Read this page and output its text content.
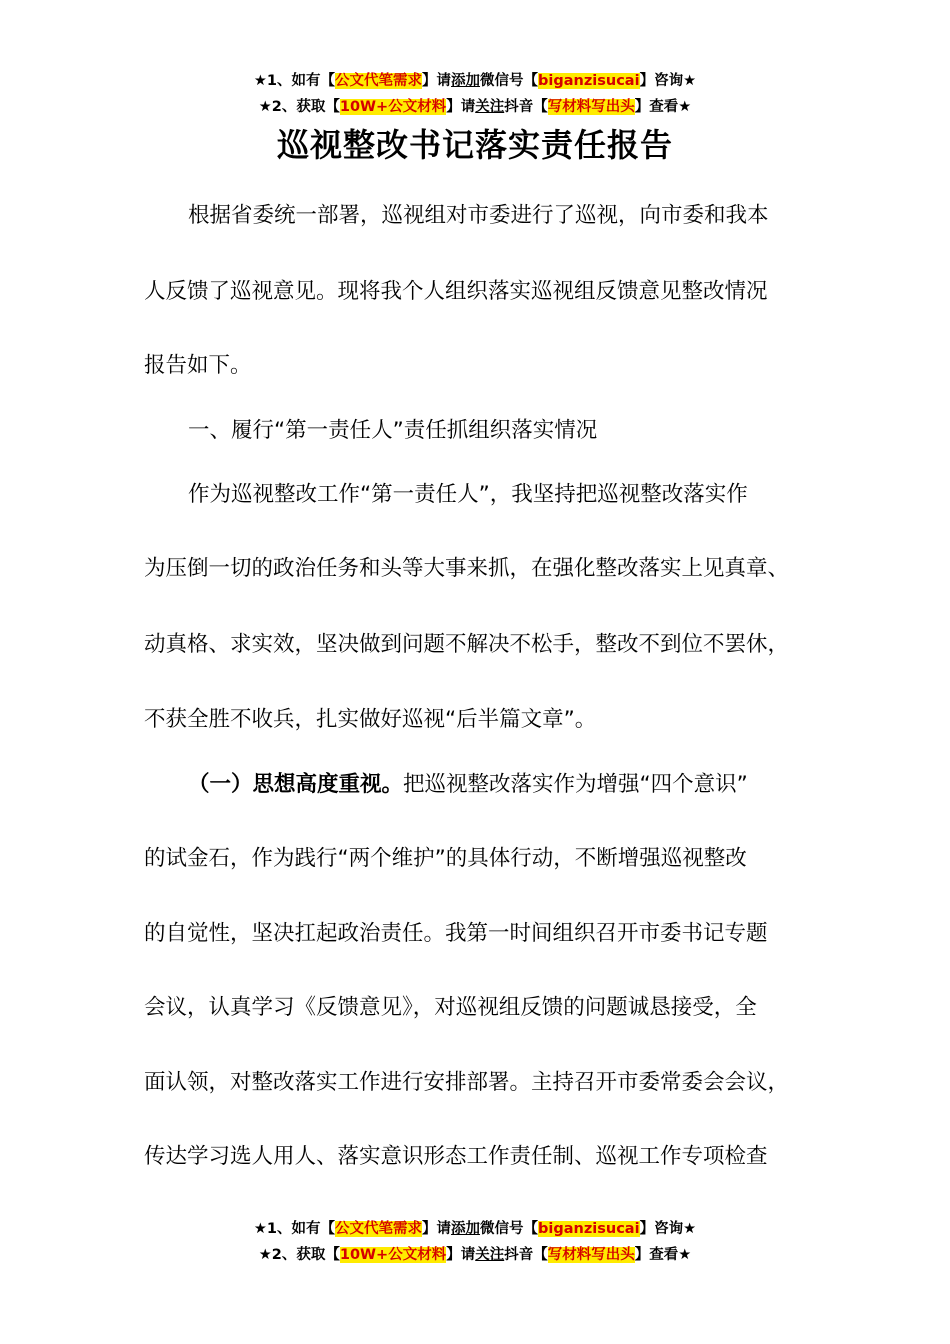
★1、如有【公文代笔需求】请添加微信号【biganzisucai】咨询★
★2、获取【10W+公文材料】请关注抖音【写材料写出头】查看★
巡视整改书记落实责任报告
根据省委统一部署，巡视组对市委进行了巡视，向市委和我本
人反馈了巡视意见。现将我个人组织落实巡视组反馈意见整改情况
报告如下。
一、履行“第一责任人”责任抓组织落实情况
作为巡视整改工作“第一责任人”，我坚持把巡视整改落实作
为压倒一切的政治任务和头等大事来抓，在强化整改落实上见真章、
动真格、求实效，坚决做到问题不解决不松手，整改不到位不罢休，
不获全胜不收兵，扎实做好巡视“后半篇文章”。
（一）思想高度重视。把巡视整改落实作为增强“四个意识”
的试金石，作为践行“两个维护”的具体行动，不断增强巡视整改
的自觉性，坚决扛起政治责任。我第一时间组织召开市委书记专题
会议，认真学习《反馈意见》，对巡视组反馈的问题诚恳接受，全
面认领，对整改落实工作进行安排部署。主持召开市委常委会会议，
传达学习选人用人、落实意识形态工作责任制、巡视工作专项检查
★1、如有【公文代笔需求】请添加微信号【biganzisucai】咨询★
★2、获取【10W+公文材料】请关注抖音【写材料写出头】查看★
